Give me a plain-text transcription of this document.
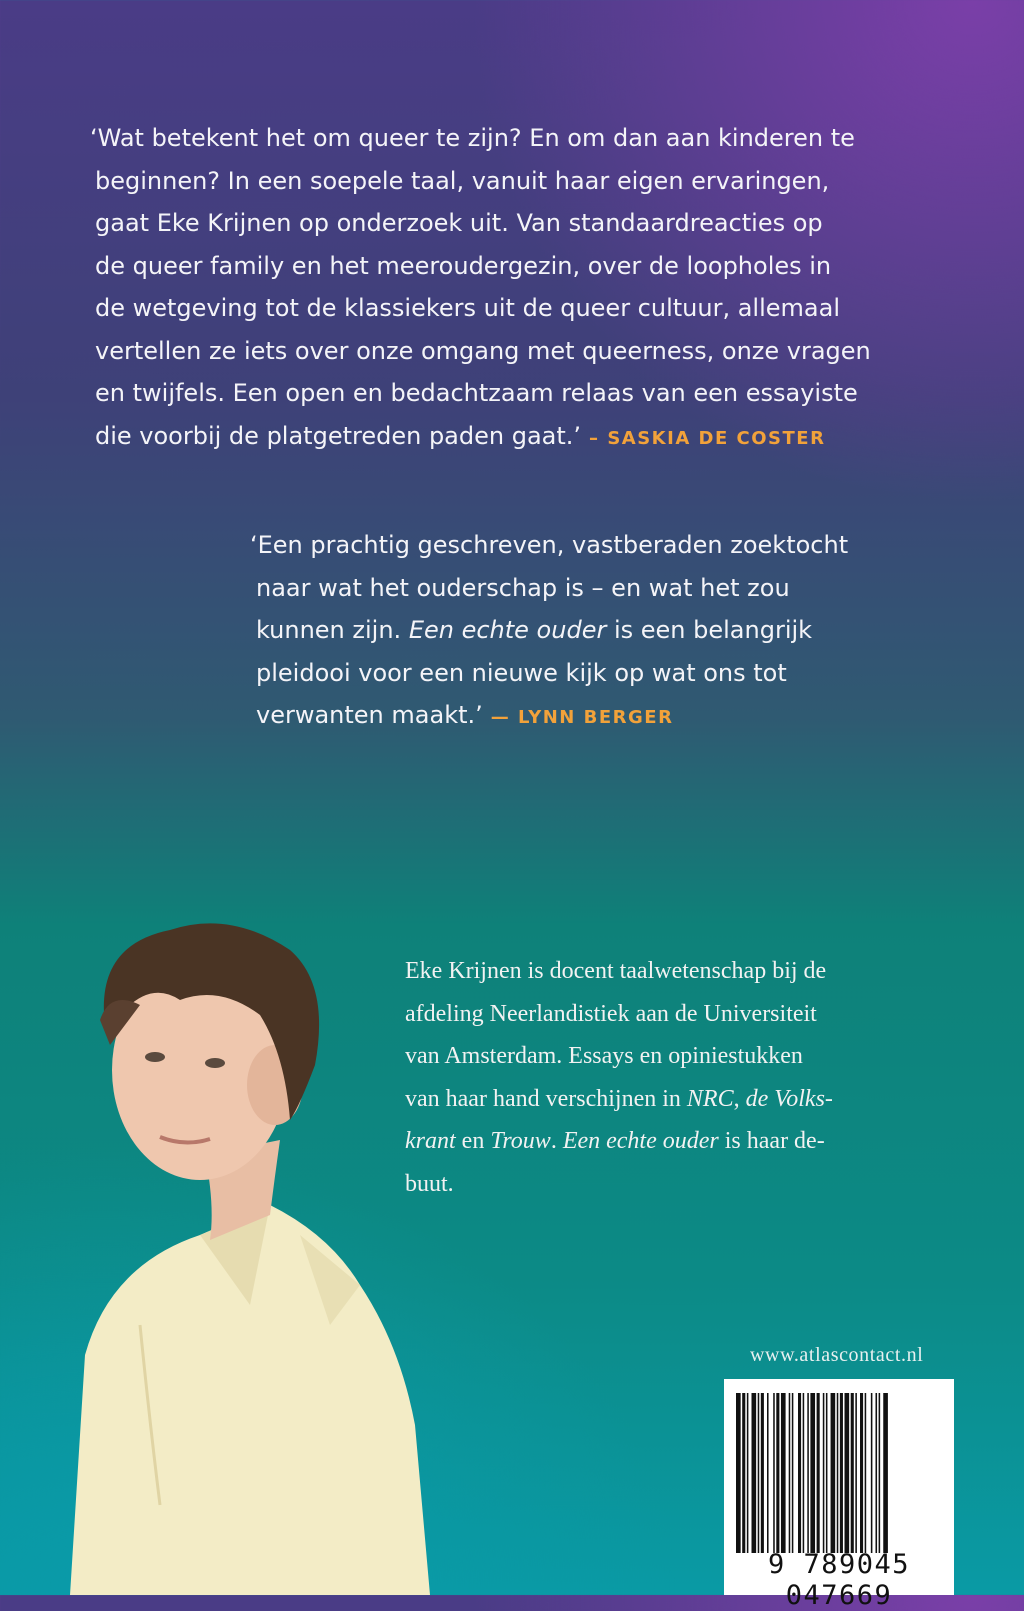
‘Wat betekent het om queer te zijn? En om dan aan kinderen te
beginnen? In een soepele taal, vanuit haar eigen ervaringen,
gaat Eke Krijnen op onderzoek uit. Van standaardreacties op
de queer family en het meeroudergezin, over de loopholes in
de wetgeving tot de klassiekers uit de queer cultuur, allemaal
vertellen ze iets over onze omgang met queerness, onze vragen
en twijfels. Een open en bedachtzaam relaas van een essayiste
die voorbij de platgetreden paden gaat.’ – SASKIA DE COSTER
‘Een prachtig geschreven, vastberaden zoektocht
naar wat het ouderschap is – en wat het zou
kunnen zijn. Een echte ouder is een belangrijk
pleidooi voor een nieuwe kijk op wat ons tot
verwanten maakt.’ — LYNN BERGER
Eke Krijnen is docent taalwetenschap bij de
afdeling Neerlandistiek aan de Universiteit
van Amsterdam. Essays en opiniestukken
van haar hand verschijnen in NRC, de Volks-
krant en Trouw. Een echte ouder is haar de-
buut.
www.atlascontact.nl
9 789045 047669
